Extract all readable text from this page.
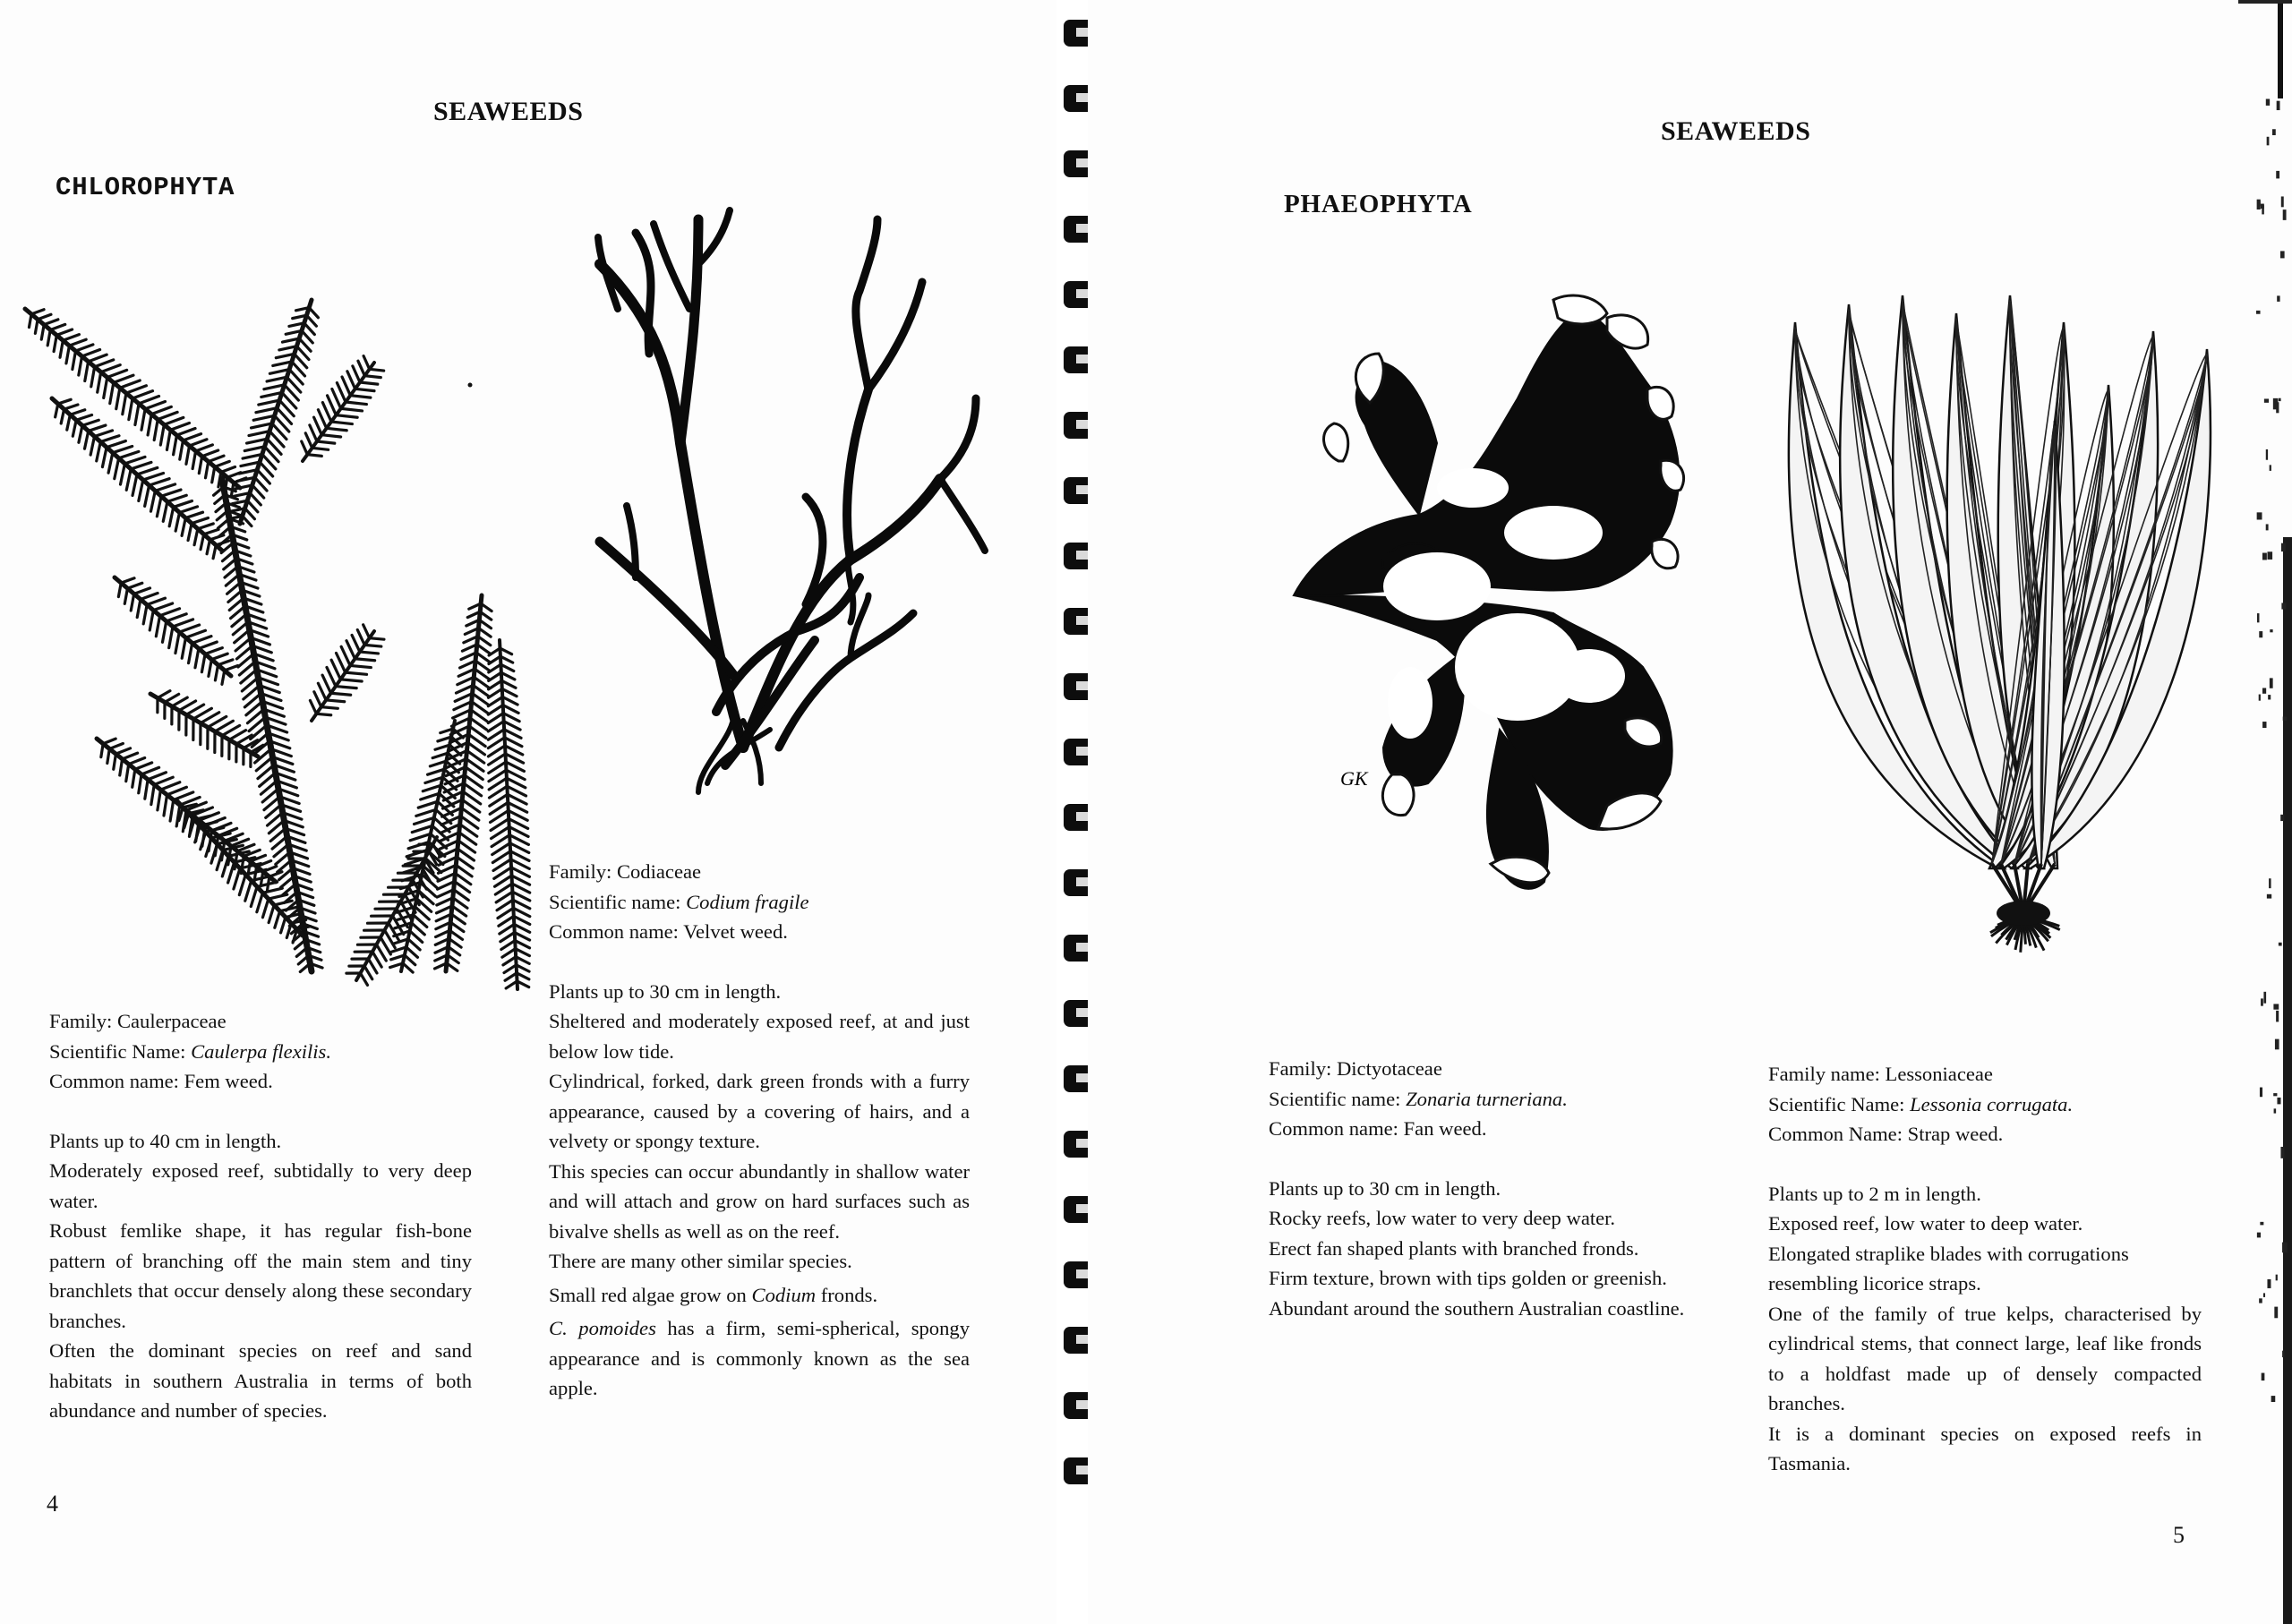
SEAWEEDS
CHLOROPHYTA

Family: Caulerpaceae

Scientific Name: Caulerpa flexilis.

Common name: Fem weed.

Plants up to 40 cm in length.

Moderately exposed reef, subtidally to very deep water.

Robust femlike shape, it has regular fish-bone pattern of branching off the main stem and tiny branchlets that occur densely along these secondary branches.

Often the dominant species on reef and sand habitats in southern Australia in terms of both abundance and number of species.

Family: Codiaceae

Scientific name: Codium fragile

Common name: Velvet weed.

Plants up to 30 cm in length.

Sheltered and moderately exposed reef, at and just below low tide.

Cylindrical, forked, dark green fronds with a furry appearance, caused by a covering of hairs, and a velvety or spongy texture.

This species can occur abundantly in shallow water and will attach and grow on hard surfaces such as bivalve shells as well as on the reef.

There are many other similar species.

Small red algae grow on Codium fronds.

C. pomoides has a firm, semi-spherical, spongy appearance and is commonly known as the sea apple.

4
SEAWEEDS
PHAEOPHYTA
GK

Family: Dictyotaceae

Scientific name: Zonaria turneriana.

Common name: Fan weed.

Plants up to 30 cm in length.

Rocky reefs, low water to very deep water.

Erect fan shaped plants with branched fronds.

Firm texture, brown with tips golden or greenish.

Abundant around the southern Australian coastline.

Family name: Lessoniaceae

Scientific Name: Lessonia corrugata.

Common Name: Strap weed.

Plants up to 2 m in length.

Exposed reef, low water to deep water.

Elongated straplike blades with corrugations resembling licorice straps.

One of the family of true kelps, characterised by cylindrical stems, that connect large, leaf like fronds to a holdfast made up of densely compacted branches.

It is a dominant species on exposed reefs in Tasmania.

5
